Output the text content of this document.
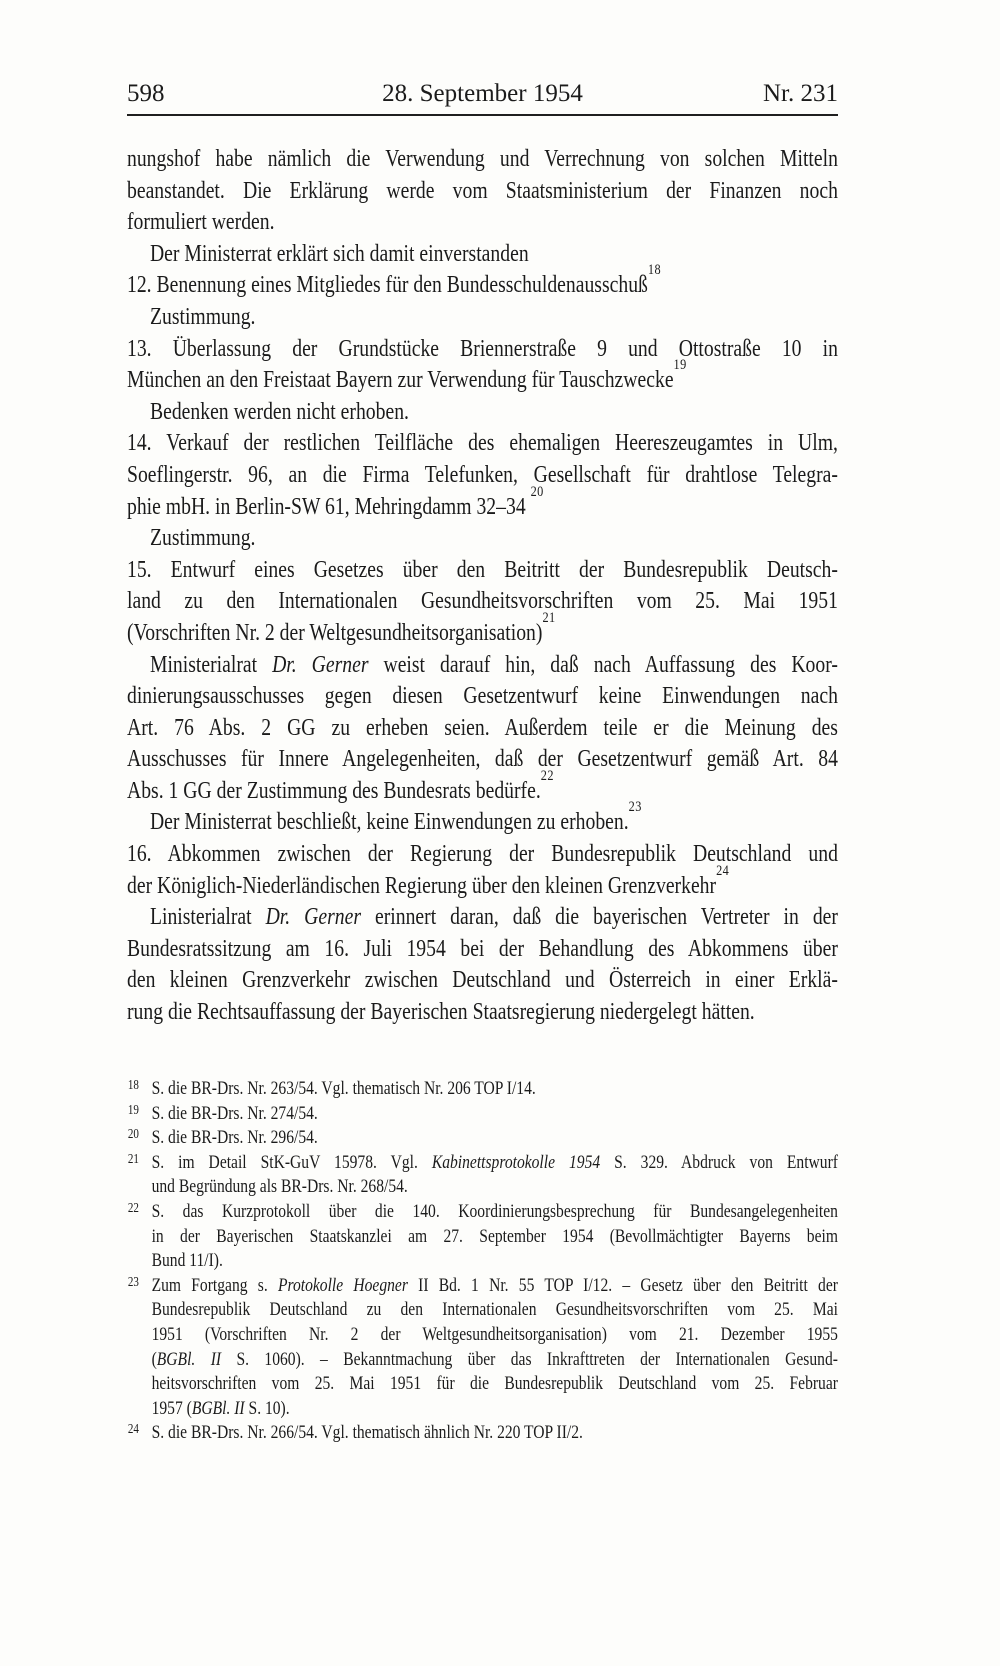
598	28. September 1954	Nr. 231
nungshof habe nämlich die Verwendung und Verrechnung von solchen Mitteln
beanstandet. Die Erklärung werde vom Staatsministerium der Finanzen noch
formuliert werden.
Der Ministerrat erklärt sich damit einverstanden
12. Benennung eines Mitgliedes für den Bundesschuldenausschuß$^{18}$
Zustimmung.
13. Überlassung der Grundstücke Briennerstraße 9 und Ottostraße 10 in
München an den Freistaat Bayern zur Verwendung für Tauschzwecke$^{19}$
Bedenken werden nicht erhoben.
14. Verkauf der restlichen Teilfläche des ehemaligen Heereszeugamtes in Ulm,
Soeflingerstr. 96, an die Firma Telefunken, Gesellschaft für drahtlose Telegra-
phie mbH. in Berlin-SW 61, Mehringdamm 32–34 $^{20}$
Zustimmung.
15. Entwurf eines Gesetzes über den Beitritt der Bundesrepublik Deutsch-
land zu den Internationalen Gesundheitsvorschriften vom 25. Mai 1951
(Vorschriften Nr. 2 der Weltgesundheitsorganisation)$^{21}$
Ministerialrat Dr. Gerner weist darauf hin, daß nach Auffassung des Koor-
dinierungsausschusses gegen diesen Gesetzentwurf keine Einwendungen nach
Art. 76 Abs. 2 GG zu erheben seien. Außerdem teile er die Meinung des
Ausschusses für Innere Angelegenheiten, daß der Gesetzentwurf gemäß Art. 84
Abs. 1 GG der Zustimmung des Bundesrats bedürfe.$^{22}$
Der Ministerrat beschließt, keine Einwendungen zu erhoben.$^{23}$
16. Abkommen zwischen der Regierung der Bundesrepublik Deutschland und
der Königlich-Niederländischen Regierung über den kleinen Grenzverkehr$^{24}$
Linisterialrat Dr. Gerner erinnert daran, daß die bayerischen Vertreter in der
Bundesratssitzung am 16. Juli 1954 bei der Behandlung des Abkommens über
den kleinen Grenzverkehr zwischen Deutschland und Österreich in einer Erklä-
rung die Rechtsauffassung der Bayerischen Staatsregierung niedergelegt hätten.
18 S. die BR-Drs. Nr. 263/54. Vgl. thematisch Nr. 206 TOP I/14.
19 S. die BR-Drs. Nr. 274/54.
20 S. die BR-Drs. Nr. 296/54.
21 S. im Detail StK-GuV 15978. Vgl. Kabinettsprotokolle 1954 S. 329. Abdruck von Entwurf
und Begründung als BR-Drs. Nr. 268/54.
22 S. das Kurzprotokoll über die 140. Koordinierungsbesprechung für Bundesangelegenheiten
in der Bayerischen Staatskanzlei am 27. September 1954 (Bevollmächtigter Bayerns beim
Bund 11/I).
23 Zum Fortgang s. Protokolle Hoegner II Bd. 1 Nr. 55 TOP I/12. – Gesetz über den Beitritt der
Bundesrepublik Deutschland zu den Internationalen Gesundheitsvorschriften vom 25. Mai
1951 (Vorschriften Nr. 2 der Weltgesundheitsorganisation) vom 21. Dezember 1955
(BGBl. II S. 1060). – Bekanntmachung über das Inkrafttreten der Internationalen Gesund-
heitsvorschriften vom 25. Mai 1951 für die Bundesrepublik Deutschland vom 25. Februar
1957 (BGBl. II S. 10).
24 S. die BR-Drs. Nr. 266/54. Vgl. thematisch ähnlich Nr. 220 TOP II/2.
